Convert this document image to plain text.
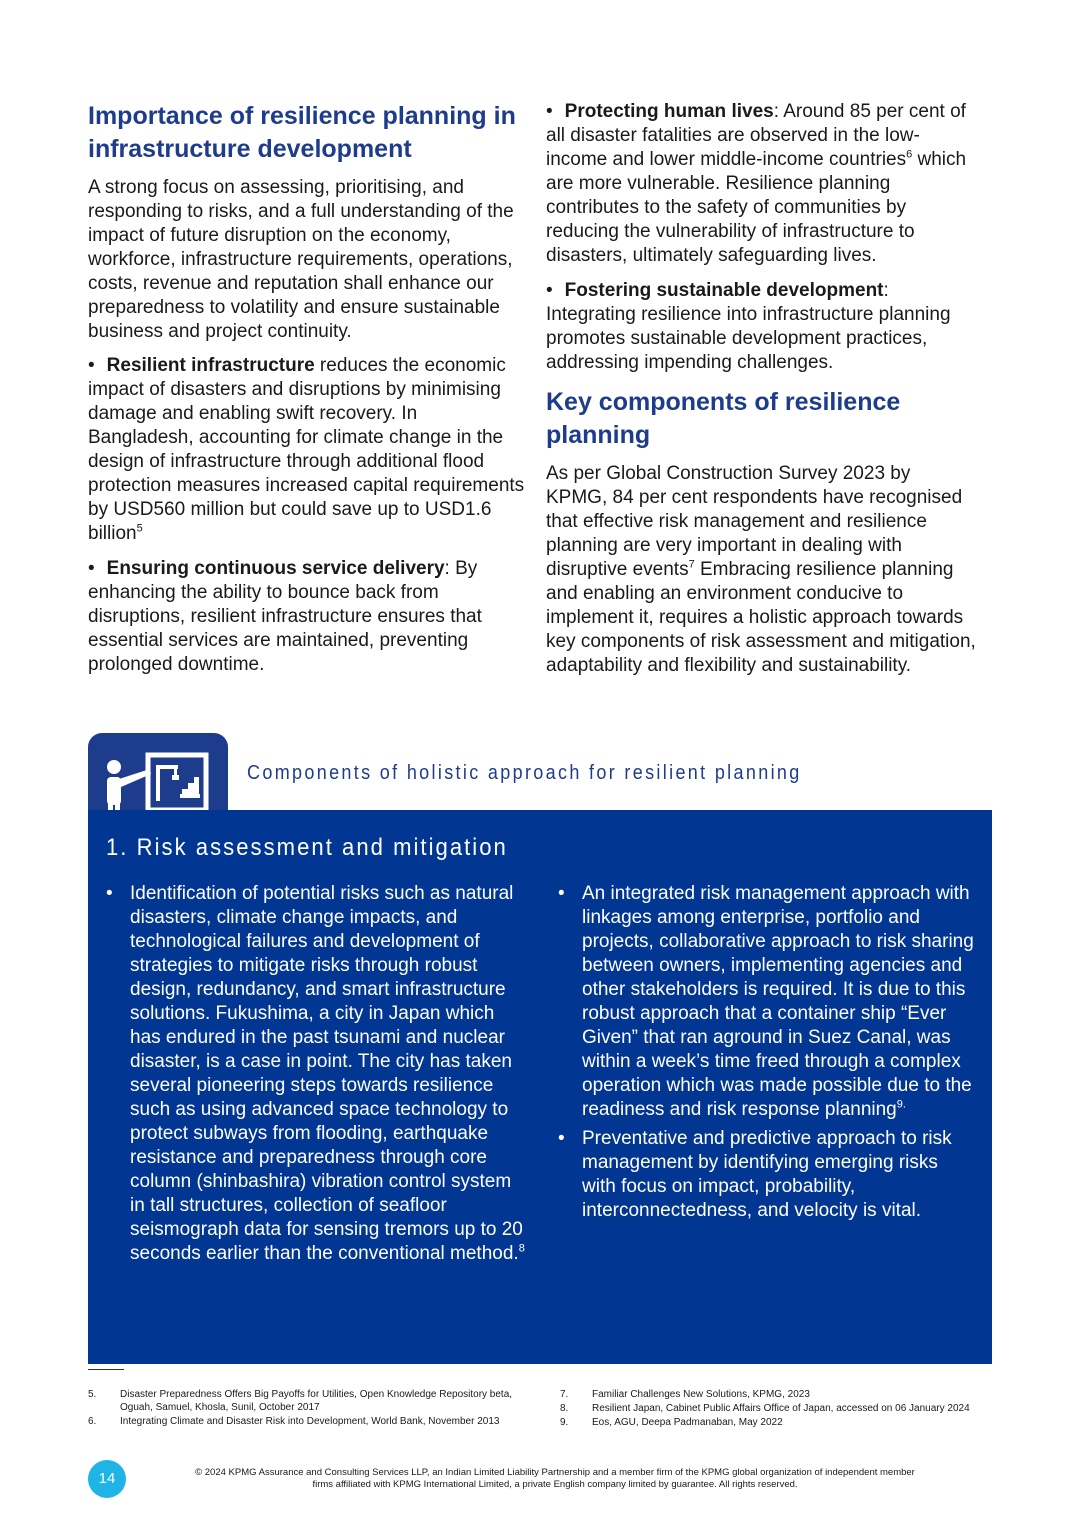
Importance of resilience planning in infrastructure development

A strong focus on assessing, prioritising, and responding to risks, and a full understanding of the impact of future disruption on the economy, workforce, infrastructure requirements, operations, costs, revenue and reputation shall enhance our preparedness to volatility and ensure sustainable business and project continuity.

• Resilient infrastructure reduces the economic impact of disasters and disruptions by minimising damage and enabling swift recovery. In Bangladesh, accounting for climate change in the design of infrastructure through additional flood protection measures increased capital requirements by USD560 million but could save up to USD1.6 billion$^5$
• Ensuring continuous service delivery: By enhancing the ability to bounce back from disruptions, resilient infrastructure ensures that essential services are maintained, preventing prolonged downtime.
• Protecting human lives: Around 85 per cent of all disaster fatalities are observed in the low-income and lower middle-income countries$^6$ which are more vulnerable. Resilience planning contributes to the safety of communities by reducing the vulnerability of infrastructure to disasters, ultimately safeguarding lives.
• Fostering sustainable development: Integrating resilience into infrastructure planning promotes sustainable development practices, addressing impending challenges.
Key components of resilience planning

As per Global Construction Survey 2023 by KPMG, 84 per cent respondents have recognised that effective risk management and resilience planning are very important in dealing with disruptive events$^7$ Embracing resilience planning and enabling an environment conducive to implement it, requires a holistic approach towards key components of risk assessment and mitigation, adaptability and flexibility and sustainability.

Components of holistic approach for resilient planning
1. Risk assessment and mitigation
• Identification of potential risks such as natural disasters, climate change impacts, and technological failures and development of strategies to mitigate risks through robust design, redundancy, and smart infrastructure solutions. Fukushima, a city in Japan which has endured in the past tsunami and nuclear disaster, is a case in point. The city has taken several pioneering steps towards resilience such as using advanced space technology to protect subways from flooding, earthquake resistance and preparedness through core column (shinbashira) vibration control system in tall structures, collection of seafloor seismograph data for sensing tremors up to 20 seconds earlier than the conventional method.$^8$
• An integrated risk management approach with linkages among enterprise, portfolio and projects, collaborative approach to risk sharing between owners, implementing agencies and other stakeholders is required. It is due to this robust approach that a container ship “Ever Given” that ran aground in Suez Canal, was within a week’s time freed through a complex operation which was made possible due to the readiness and risk response planning$^{9.}$
• Preventative and predictive approach to risk management by identifying emerging risks with focus on impact, probability, interconnectedness, and velocity is vital.
5.	Disaster Preparedness Offers Big Payoffs for Utilities, Open Knowledge Repository beta, Oguah, Samuel, Khosla, Sunil, October 2017
6.	Integrating Climate and Disaster Risk into Development, World Bank, November 2013
7.	Familiar Challenges New Solutions, KPMG, 2023
8.	Resilient Japan, Cabinet Public Affairs Office of Japan, accessed on 06 January 2024
9.	Eos, AGU, Deepa Padmanaban, May 2022
14	© 2024 KPMG Assurance and Consulting Services LLP, an Indian Limited Liability Partnership and a member firm of the KPMG global organization of independent member firms affiliated with KPMG International Limited, a private English company limited by guarantee. All rights reserved.
